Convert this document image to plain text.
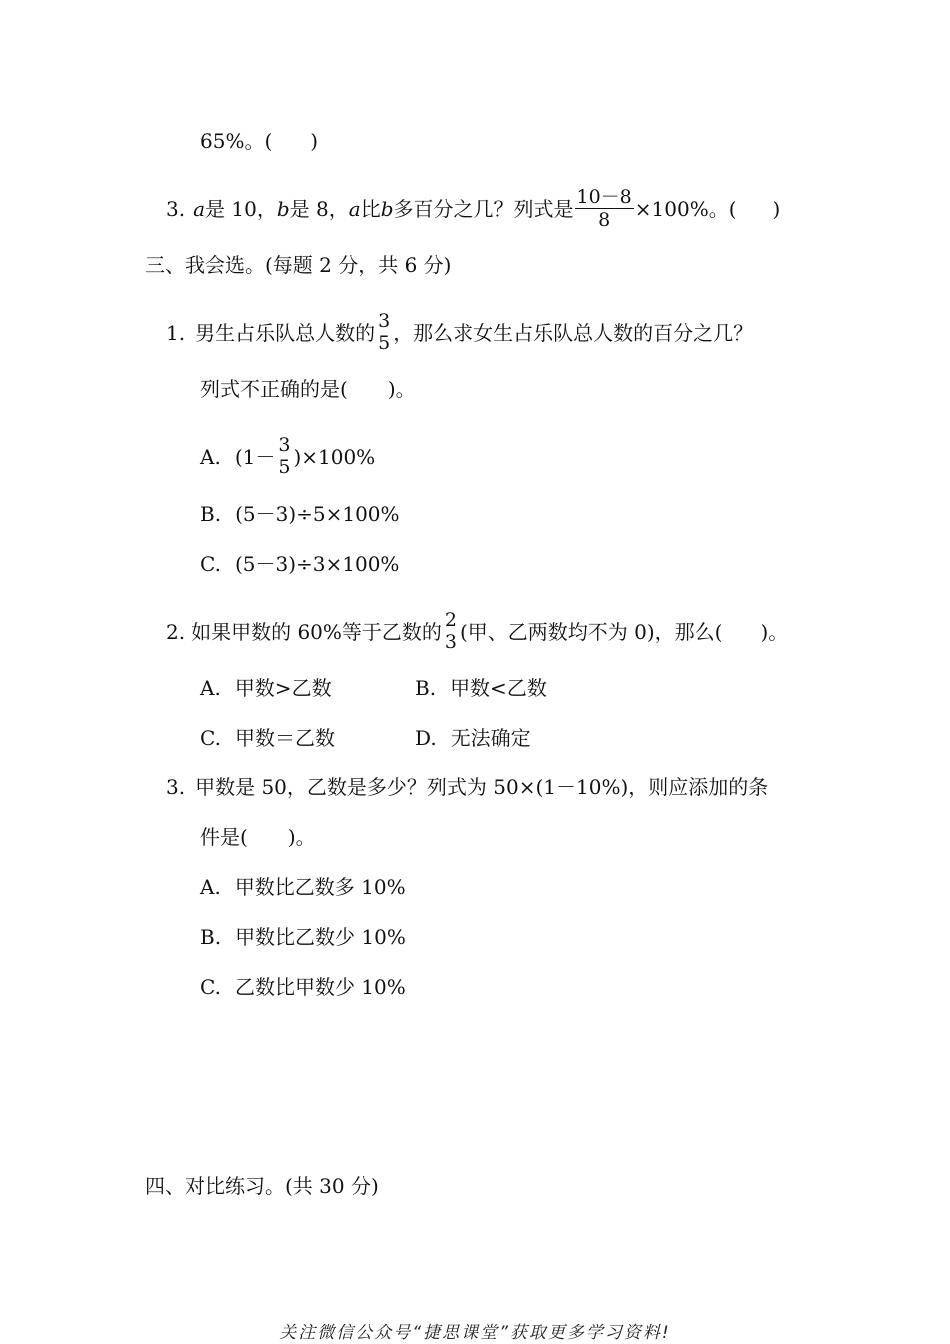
65%。( )
3. a 是 10， b 是 8， a 比 b 多百分之几？列式是 $\frac{10-8}{8} \times 100\%$。( )
三、我会选。(每题 2 分，共 6 分)
1. 男生占乐队总人数的 3
5 ，那么求女生占乐队总人数的百分之几？
列式不正确的是( )。
A. (1－ 3
5 )×100%
B. (5－3)÷5×100%
C. (5－3)÷3×100%
2. 如果甲数的 60%等于乙数的 2
3 (甲、乙两数均不为 0)，那么( )。
A. 甲数>乙数	B. 甲数<乙数
C. 甲数＝乙数	D. 无法确定
3. 甲数是 50，乙数是多少？列式为 50×(1－10%)，则应添加的条
件是( )。
A. 甲数比乙数多 10%
B. 甲数比乙数少 10%
C. 乙数比甲数少 10%
四、对比练习。(共 30 分)
关注微信公众号“捷思课堂”获取更多学习资料!
